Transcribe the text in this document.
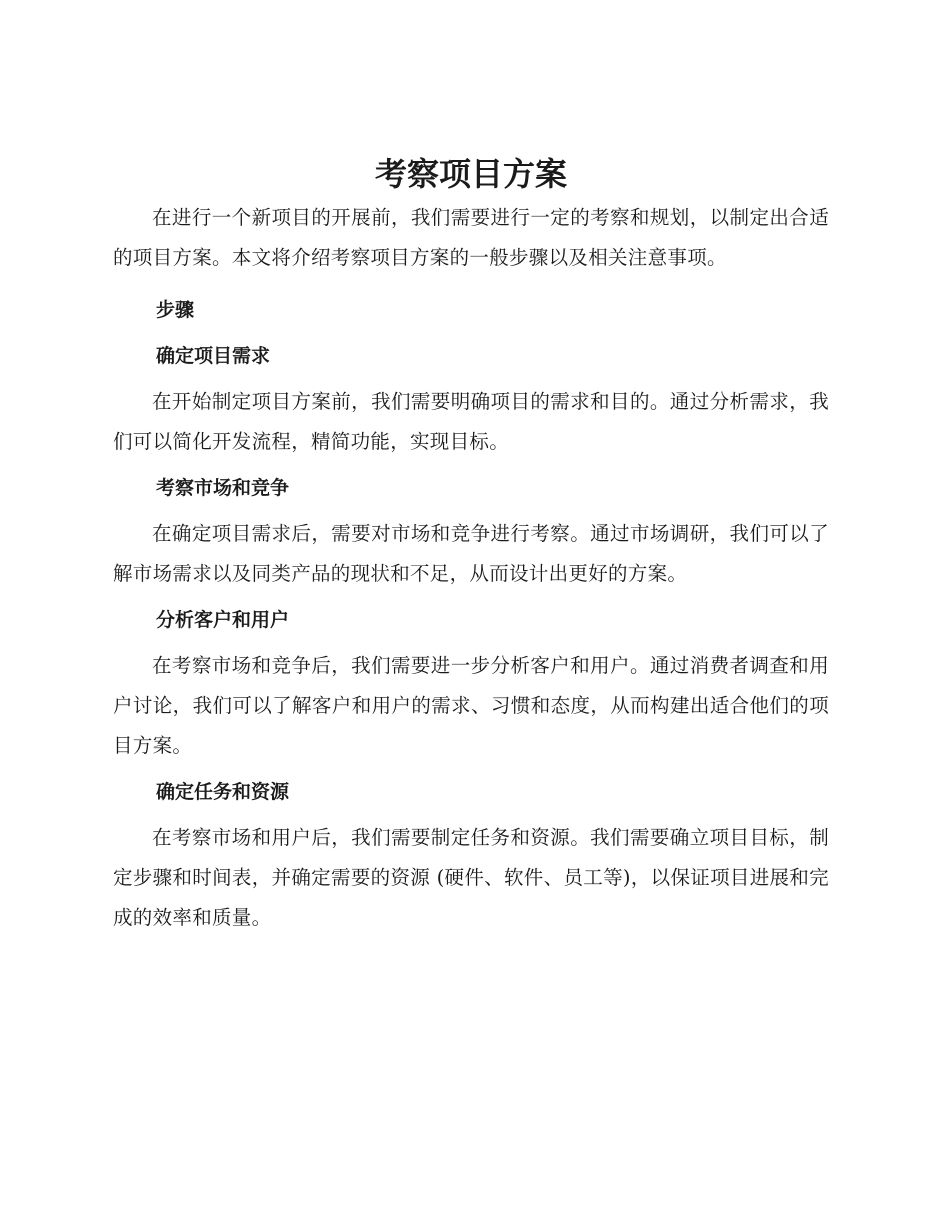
考察项目方案

在进行一个新项目的开展前，我们需要进行一定的考察和规划，以制定出合适的项目方案。本文将介绍考察项目方案的一般步骤以及相关注意事项。

步骤

确定项目需求

在开始制定项目方案前，我们需要明确项目的需求和目的。通过分析需求，我们可以简化开发流程，精简功能，实现目标。

考察市场和竞争

在确定项目需求后，需要对市场和竞争进行考察。通过市场调研，我们可以了解市场需求以及同类产品的现状和不足，从而设计出更好的方案。

分析客户和用户

在考察市场和竞争后，我们需要进一步分析客户和用户。通过消费者调查和用户讨论，我们可以了解客户和用户的需求、习惯和态度，从而构建出适合他们的项目方案。

确定任务和资源

在考察市场和用户后，我们需要制定任务和资源。我们需要确立项目目标，制定步骤和时间表，并确定需要的资源 (硬件、软件、员工等)，以保证项目进展和完成的效率和质量。
